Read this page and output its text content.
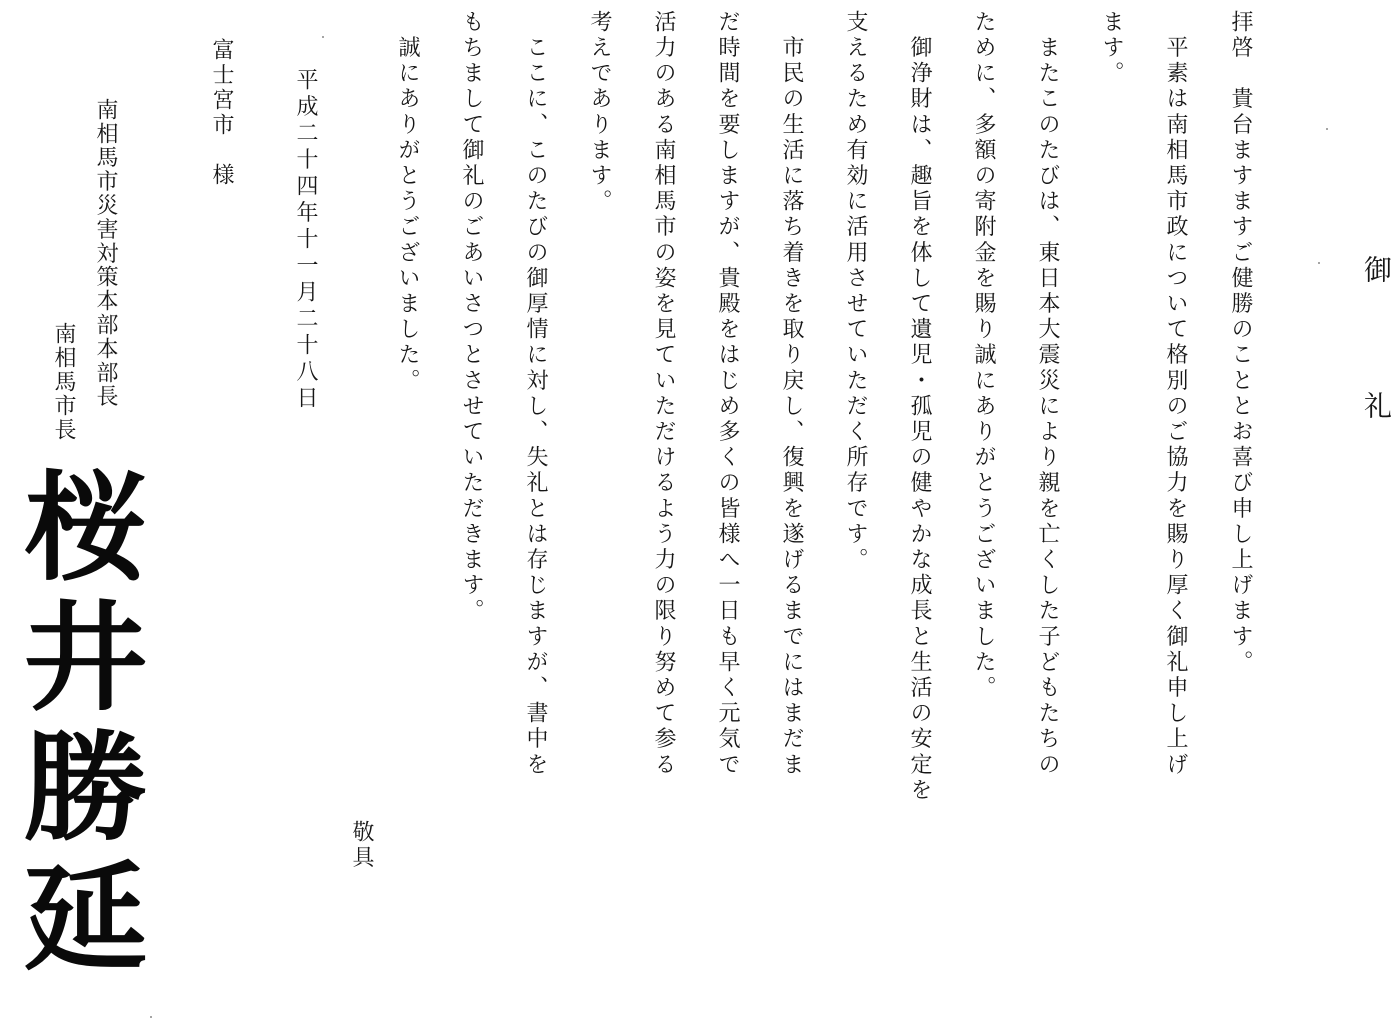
御　礼
拝啓　貴台ますますご健勝のこととお喜び申し上げます。
　平素は南相馬市政について格別のご協力を賜り厚く御礼申し上げ
ます。
　またこのたびは、東日本大震災により親を亡くした子どもたちの
ために、多額の寄附金を賜り誠にありがとうございました。
　御浄財は、趣旨を体して遺児・孤児の健やかな成長と生活の安定を
支えるため有効に活用させていただく所存です。
　市民の生活に落ち着きを取り戻し、復興を遂げるまでにはまだま
だ時間を要しますが、貴殿をはじめ多くの皆様へ一日も早く元気で
活力のある南相馬市の姿を見ていただけるよう力の限り努めて参る
考えであります。
　ここに、このたびの御厚情に対し、失礼とは存じますが、書中を
もちまして御礼のごあいさつとさせていただきます。
　誠にありがとうございました。
敬具
平成二十四年十一月二十八日
富士宮市　様
南相馬市災害対策本部本部長
南相馬市長
桜井勝延
